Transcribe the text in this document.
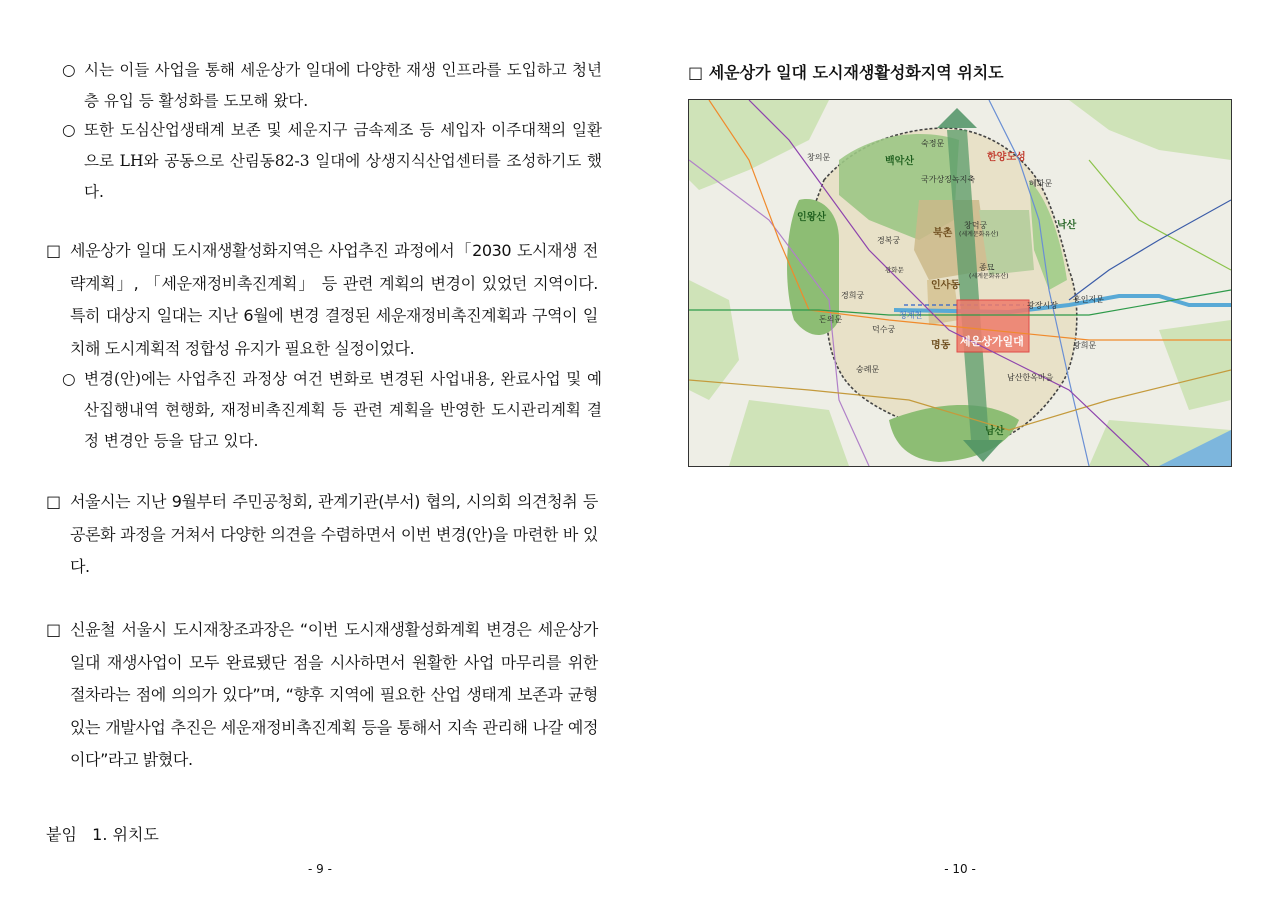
○ 시는 이들 사업을 통해 세운상가 일대에 다양한 재생 인프라를 도입하고 청년층 유입 등 활성화를 도모해 왔다.
○ 또한 도심산업생태계 보존 및 세운지구 금속제조 등 세입자 이주대책의 일환으로 LH와 공동으로 산림동82-3 일대에 상생지식산업센터를 조성하기도 했다.
□ 세운상가 일대 도시재생활성화지역은 사업추진 과정에서「2030 도시재생 전략계획」, 「세운재정비촉진계획」 등 관련 계획의 변경이 있었던 지역이다. 특히 대상지 일대는 지난 6월에 변경 결정된 세운재정비촉진계획과 구역이 일치해 도시계획적 정합성 유지가 필요한 실정이었다.
○ 변경(안)에는 사업추진 과정상 여건 변화로 변경된 사업내용, 완료사업 및 예산집행내역 현행화, 재정비촉진계획 등 관련 계획을 반영한 도시관리계획 결정 변경안 등을 담고 있다.
□ 서울시는 지난 9월부터 주민공청회, 관계기관(부서) 협의, 시의회 의견청취 등 공론화 과정을 거쳐서 다양한 의견을 수렴하면서 이번 변경(안)을 마련한 바 있다.
□ 신윤철 서울시 도시재창조과장은 “이번 도시재생활성화계획 변경은 세운상가 일대 재생사업이 모두 완료됐단 점을 시사하면서 원활한 사업 마무리를 위한 절차라는 점에 의의가 있다”며, “향후 지역에 필요한 산업 생태계 보존과 균형 있는 개발사업 추진은 세운재정비촉진계획 등을 통해서 지속 관리해 나갈 예정이다”라고 밝혔다.
붙임   1. 위치도
- 9 -
□ 세운상가 일대 도시재생활성화지역 위치도
숙정문
창의문
국가상징녹지축	혜화문
경복궁
창덕궁
(세계문화유산)
광화문	종묘
(세계문화유산)
경희궁
광장시장
흥인지문
돈의문	청계천
덕수궁
광희문
숭례문
남산한옥마을
백악산	한양도성
인왕산
낙산
북촌
인사동
명동
남산
세운상가일대
- 10 -
